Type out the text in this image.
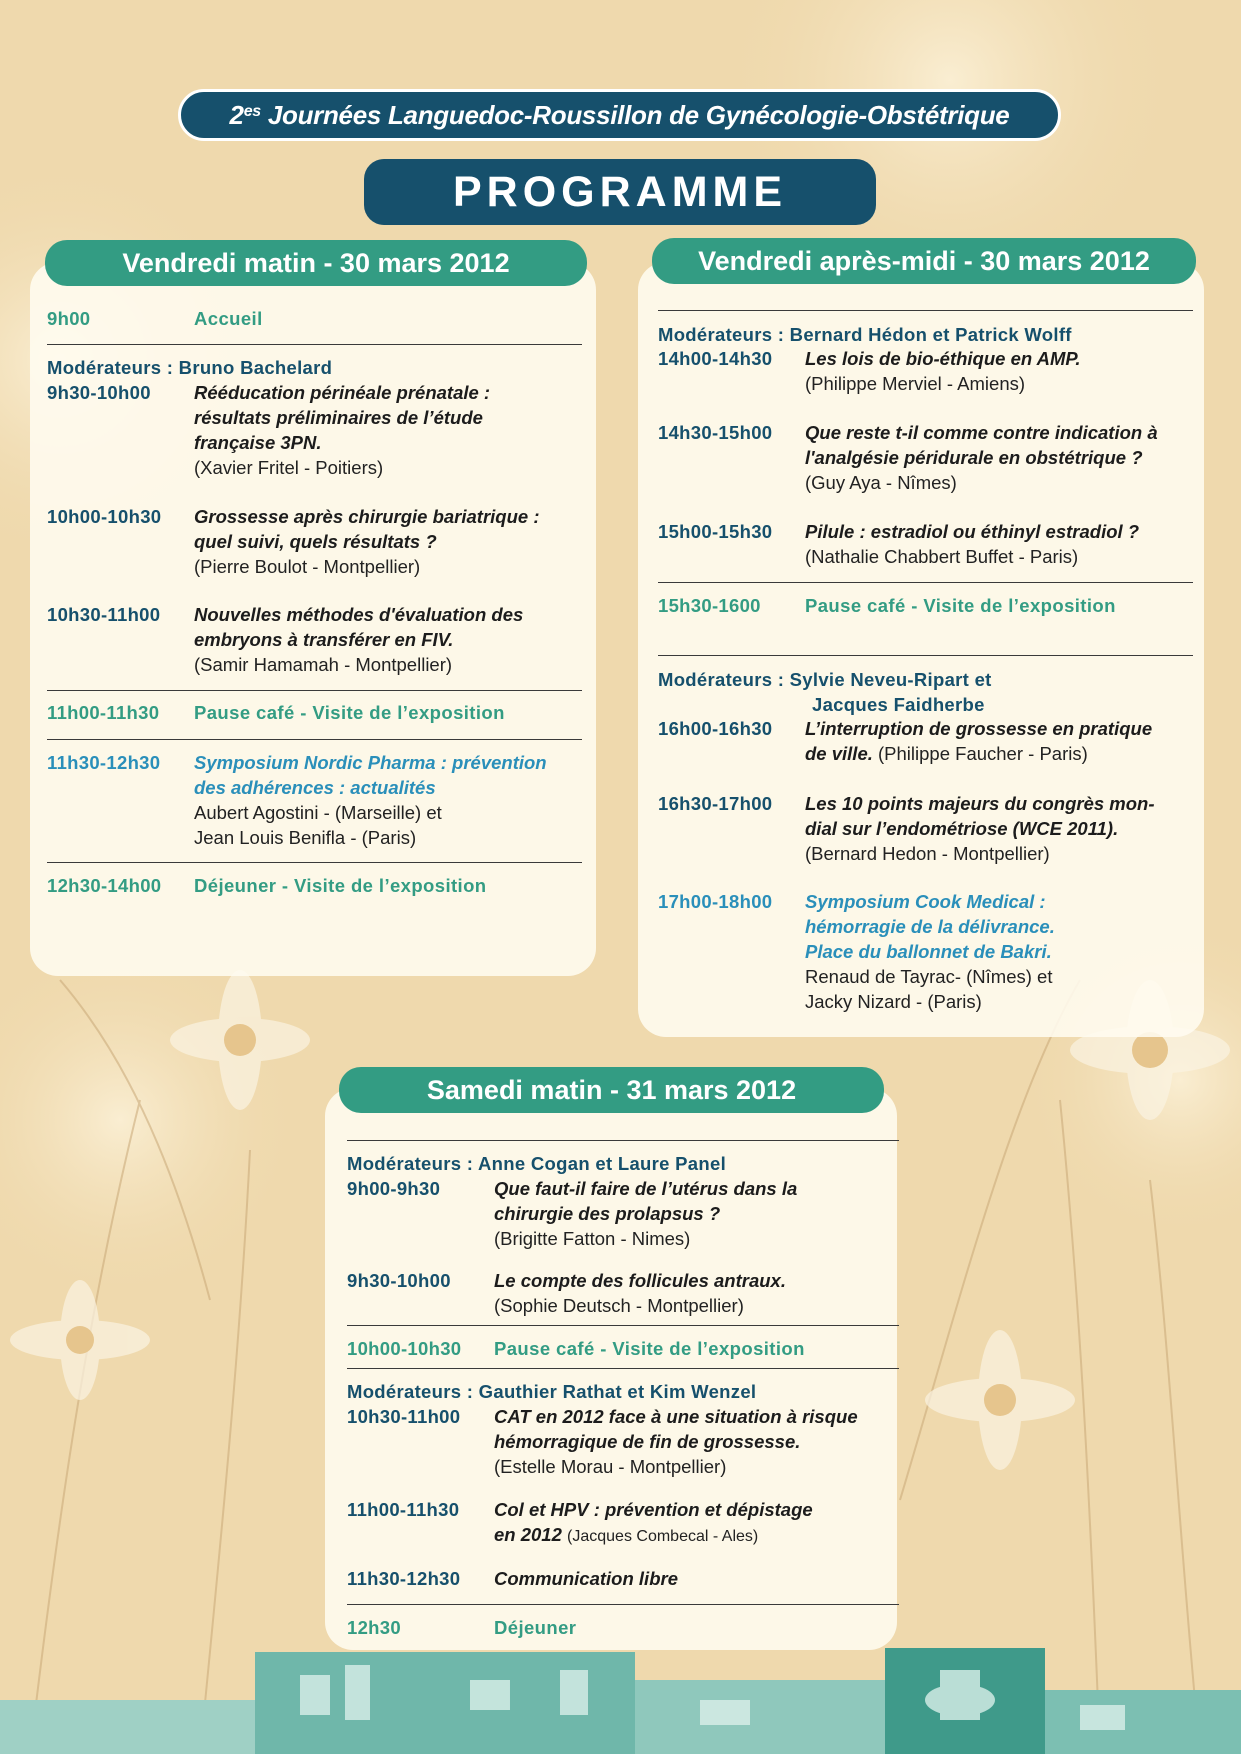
$2^{es}$
Journées Languedoc-Roussillon de Gynécologie-Obstétrique
PROGRAMME
Vendredi matin - 30 mars 2012
9h00	Accueil
Modérateurs : Bruno Bachelard
9h30-10h00 Rééducation périnéale prénatale :
résultats préliminaires de l’étude
française 3PN.
(Xavier Fritel - Poitiers)
10h00-10h30 Grossesse après chirurgie bariatrique :
quel suivi, quels résultats ?
(Pierre Boulot - Montpellier)
10h30-11h00 Nouvelles méthodes d'évaluation des
embryons à transférer en FIV.
(Samir Hamamah - Montpellier)
11h00-11h30 Pause café - Visite de l’exposition
11h30-12h30 Symposium Nordic Pharma : prévention
des adhérences : actualités
Aubert Agostini - (Marseille) et
Jean Louis Benifla - (Paris)
12h30-14h00 Déjeuner - Visite de l’exposition
Vendredi après-midi - 30 mars 2012
Modérateurs : Bernard Hédon et Patrick Wolff
14h00-14h30 Les lois de bio-éthique en AMP.
(Philippe Merviel - Amiens)
14h30-15h00 Que reste t-il comme contre indication à
l'analgésie péridurale en obstétrique ?
(Guy Aya - Nîmes)
15h00-15h30 Pilule : estradiol ou éthinyl estradiol ?
(Nathalie Chabbert Buffet - Paris)
15h30-1600 Pause café - Visite de l’exposition
Modérateurs : Sylvie Neveu-Ripart et
Jacques Faidherbe
16h00-16h30 L’interruption de grossesse en pratique
de ville. (Philippe Faucher - Paris)
16h30-17h00 Les 10 points majeurs du congrès mon-
dial sur l’endométriose (WCE 2011).
(Bernard Hedon - Montpellier)
17h00-18h00 Symposium Cook Medical :
hémorragie de la délivrance.
Place du ballonnet de Bakri.
Renaud de Tayrac- (Nîmes) et
Jacky Nizard - (Paris)
Samedi matin - 31 mars 2012
Modérateurs : Anne Cogan et Laure Panel
9h00-9h30	Que faut-il faire de l’utérus dans la
chirurgie des prolapsus ?
(Brigitte Fatton - Nimes)
9h30-10h00 Le compte des follicules antraux.
(Sophie Deutsch - Montpellier)
10h00-10h30 Pause café - Visite de l’exposition
Modérateurs : Gauthier Rathat et Kim Wenzel
10h30-11h00 CAT en 2012 face à une situation à risque
hémorragique de fin de grossesse.
(Estelle Morau - Montpellier)
11h00-11h30 Col et HPV : prévention et dépistage
en 2012 (Jacques Combecal - Ales)
11h30-12h30 Communication libre
12h30	Déjeuner
